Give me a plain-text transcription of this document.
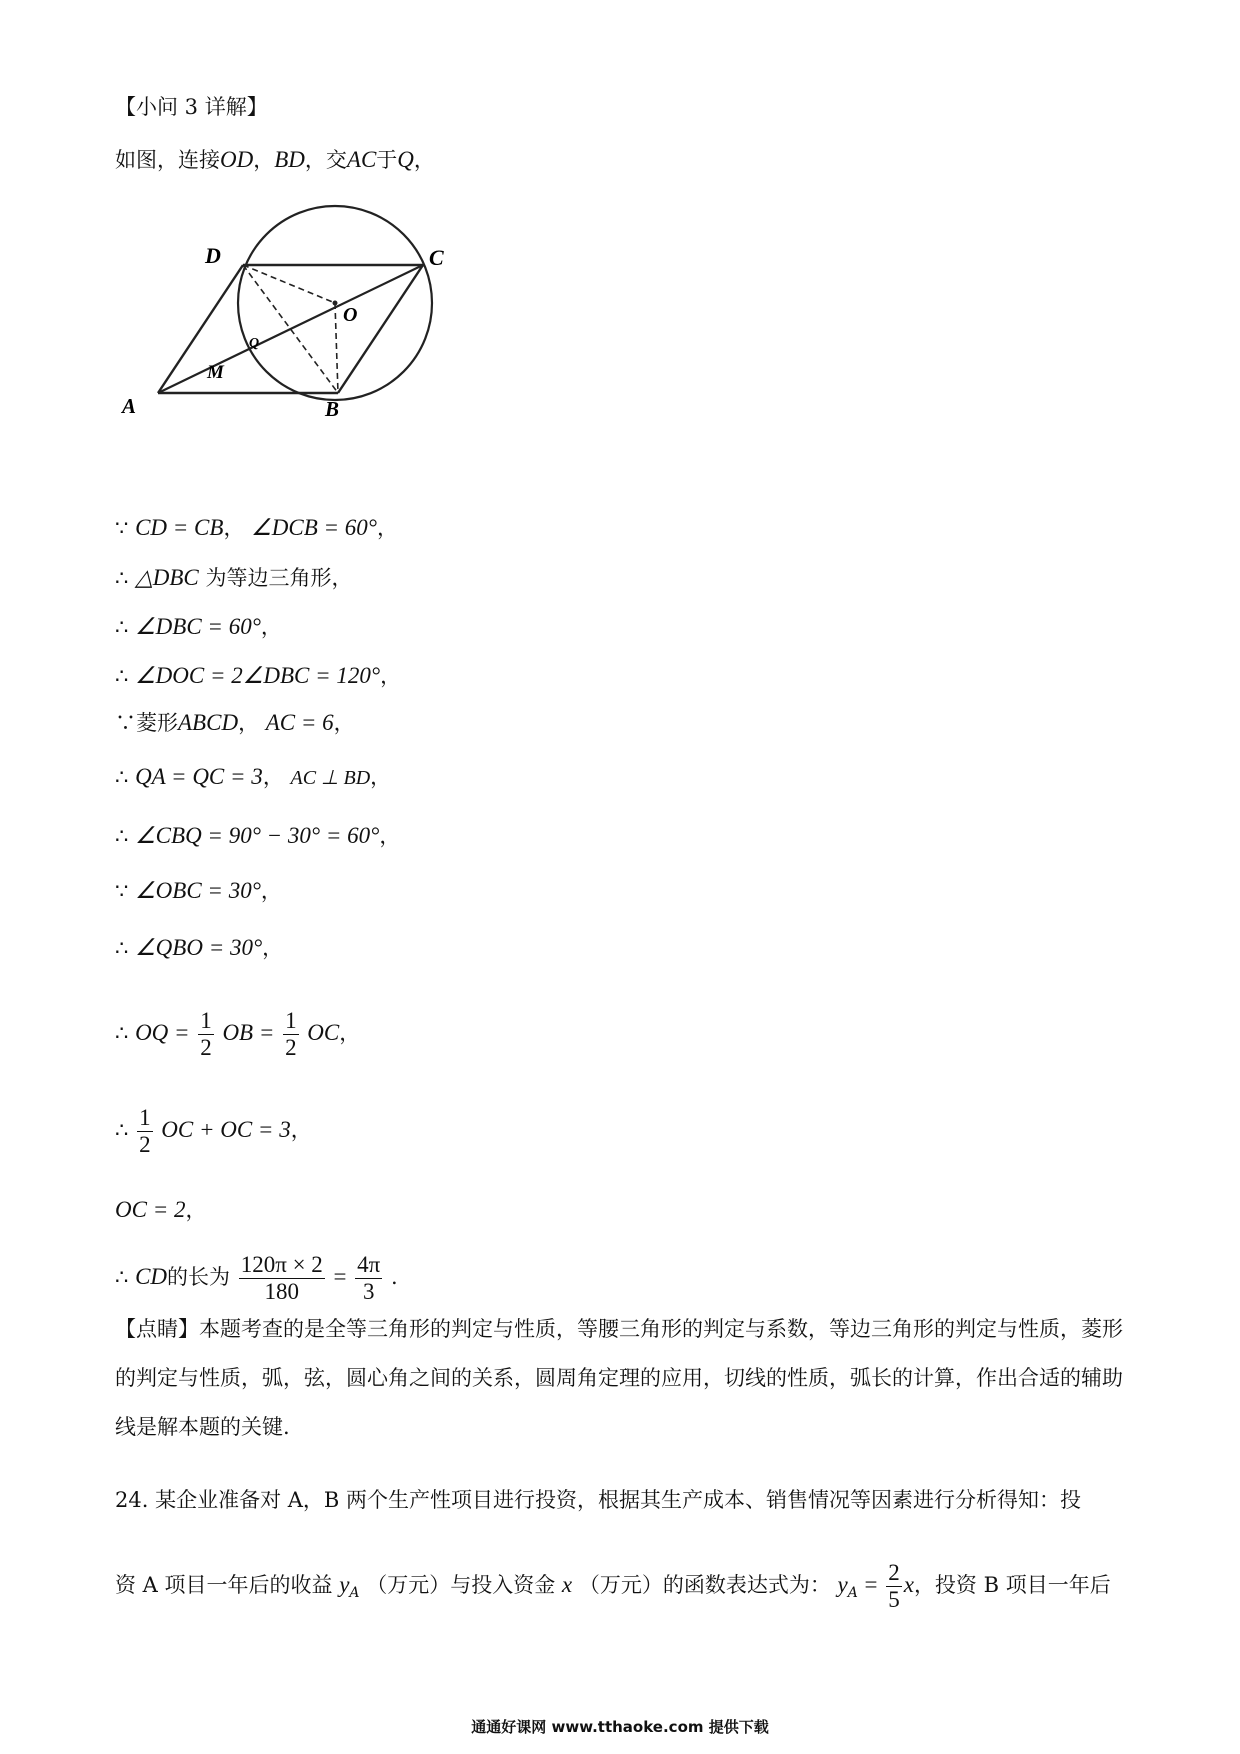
【小问 3 详解】
如图，连接OD，BD，交AC于Q，
D	C
O
Q
M
A	B
∵ CD = CB， ∠DCB = 60°，
∴ △DBC 为等边三角形，
∴ ∠DBC = 60°，
∴ ∠DOC = 2∠DBC = 120°，
∵菱形ABCD， AC = 6，
∴ QA = QC = 3， AC ⊥ BD，
∴ ∠CBQ = 90° − 30° = 60°，
∵ ∠OBC = 30°，
∴ ∠QBO = 30°，
∴ OQ = $\frac{1}{2}$ OB = $\frac{1}{2}$ OC，
∴ $\frac{1}{2}$ OC + OC = 3，
OC = 2，
∴ CD的长为 $\frac{120\pi \times 2}{180} = \frac{4\pi}{3}$ .
【点睛】本题考查的是全等三角形的判定与性质，等腰三角形的判定与系数，等边三角形的判定与性质，菱形的判定与性质，弧，弦，圆心角之间的关系，圆周角定理的应用，切线的性质，弧长的计算，作出合适的辅助线是解本题的关键.
24. 某企业准备对 A，B 两个生产性项目进行投资，根据其生产成本、销售情况等因素进行分析得知：投
资 A 项目一年后的收益 $y_A$ （万元）与投入资金 x （万元）的函数表达式为： $y_A = \frac{2}{5}$ x，投资 B 项目一年后
通通好课网 www.tthaoke.com 提供下载
